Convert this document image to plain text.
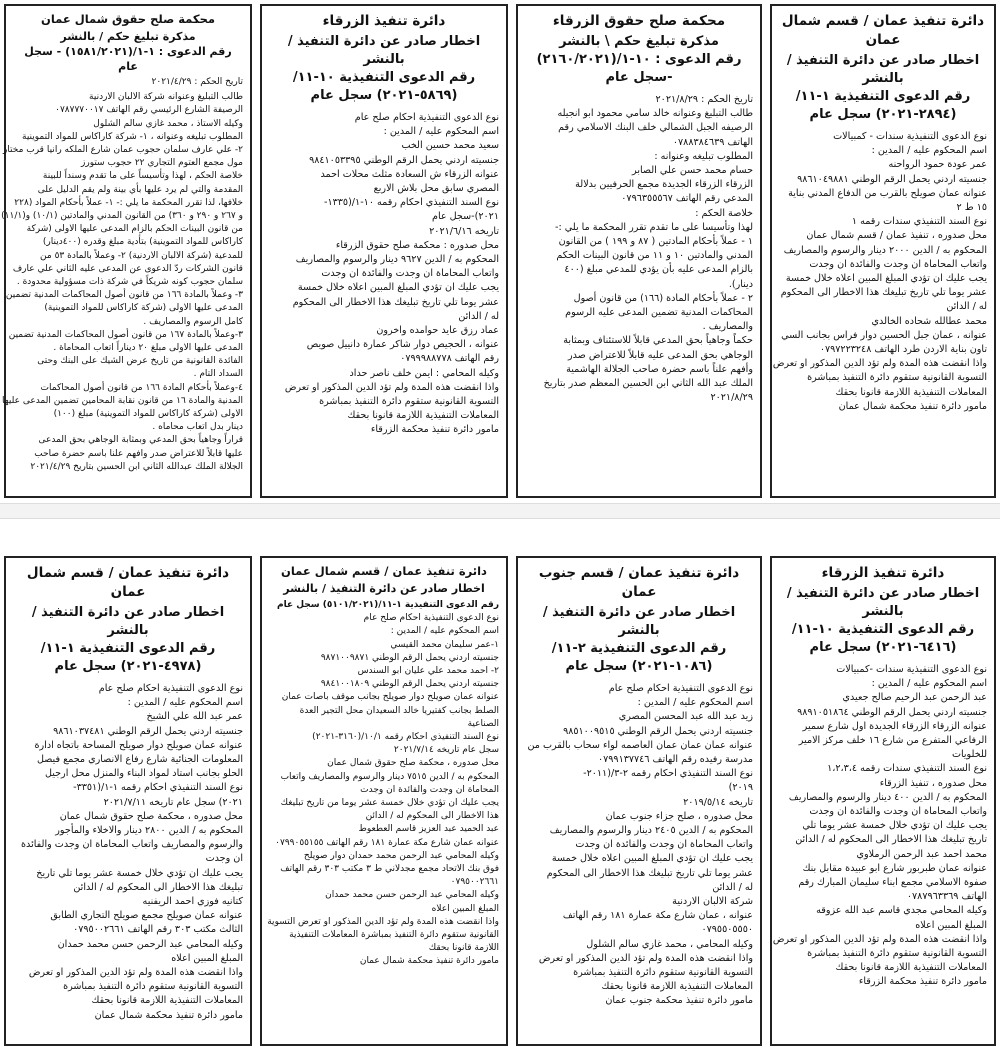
دائرة تنفيذ عمان / قسم شمال عمان
اخطار صادر عن دائرة التنفيذ / بالنشر
رقم الدعوى التنفيذية ١-١١/
(٢٨٩٤-٢٠٢١) سجل عام
نوع الدعوى التنفيذية سندات - كمبيالات
اسم المحكوم عليه / المدين :
عمر عودة حمود الرواحنه
جنسيته اردني يحمل الرقم الوطني ٩٨٦١٠٤٩٨٨١
عنوانه عمان صويلح بالقرب من الدفاع المدني بناية
١٥ ط ٢
نوع السند التنفيذي سندات رقمه ١
محل صدوره ، تنفيذ عمان / قسم شمال عمان
المحكوم به / الدين ٢٠٠٠ دينار والرسوم والمصاريف
واتعاب المحاماة ان وجدت والفائدة ان وجدت
يجب عليك ان تؤدي المبلغ المبين اعلاه خلال خمسة
عشر يوما تلي تاريخ تبليغك هذا الاخطار الى المحكوم
له / الدائن
محمد عطالله شحاده الخالدي
عنوانه ، عمان جبل الحسين دوار فراس بجانب السي
تاون بناية الاردن طرد الهاتف ٠٧٩٧٢٢٣٢٤٨
واذا انقضت هذه المدة ولم تؤد الدين المذكور او تعرض
التسوية القانونية ستقوم دائرة التنفيذ بمباشرة
المعاملات التنفيذية اللازمة قانونا بحقك
مامور دائرة تنفيذ محكمة شمال عمان
محكمة صلح حقوق الزرقاء
مذكرة تبليغ حكم \ بالنشر
رقم الدعوى : ١٠-١/(٢١٦٠/٢٠٢١)
-سجل عام
تاريخ الحكم : ٢٠٢١/٨/٢٩
طالب التبليغ وعنوانه خالد سامي محمود ابو انجيله
الرصيفه الجبل الشمالي خلف البنك الاسلامي رقم
الهاتف ٠٧٨٨٣٨٤٦٣٩
المطلوب تبليغه وعنوانه :
حسام محمد حسن علي الصابر
الزرقاء الزرقاء الجديدة مجمع الحرفيين بدلالة
المدعي رقم الهاتف ٠٧٩٦٣٥٥٥٦٧
خلاصة الحكم :
لهذا وتأسيسا على ما تقدم تقرر المحكمة ما يلي :-
١ - عملاً بأحكام المادتين ( ٨٧ و ١٩٩ ) من القانون
المدني والمادتين ١٠ و ١١ من قانون البينات الحكم
بالزام المدعى عليه بأن يؤدي للمدعي مبلغ (٤٠٠
دينار).
٢ - عملاً بأحكام المادة (١٦٦) من قانون أصول
المحاكمات المدنية تضمين المدعى عليه الرسوم
والمصاريف .
حكماً وجاهياً بحق المدعي قابلاً للاستئناف وبمثابة
الوجاهي بحق المدعى عليه قابلاً للاعتراض صدر
وأفهم علناً باسم حضرة صاحب الجلالة الهاشمية
الملك عبد الله الثاني ابن الحسين المعظم صدر بتاريخ
٢٠٢١/٨/٢٩
دائرة تنفيذ الزرقاء
اخطار صادر عن دائرة التنفيذ / بالنشر
رقم الدعوى التنفيذية ١٠-١١/
(٥٨٦٩-٢٠٢١) سجل عام
نوع الدعوى التنفيذية احكام صلح عام
اسم المحكوم عليه / المدين :
سعيد محمد حسين الخب
جنسيته اردني يحمل الرقم الوطني ٩٨٤١٠٥٣٣٩٥
عنوانه الزرقاء ش السعادة مثلث محلات احمد
المصري سابق محل بلاش الاربع
نوع السند التنفيذي احكام رقمه ١٠-١/(١٣٣٥-
٢٠٢١)-سجل عام
تاريخه ٢٠٢١/٦/١٦
محل صدوره : محكمة صلح حقوق الزرقاء
المحكوم به / الدين ٩٦٢٧ دينار والرسوم والمصاريف
واتعاب المحاماة ان وجدت والفائدة ان وجدت
يجب عليك ان تؤدي المبلغ المبين اعلاه خلال خمسة
عشر يوما تلي تاريخ تبليغك هذا الاخطار الى المحكوم
له / الدائن
عماد رزق عايد حوامده واخرون
عنوانه ، الحجيص دوار شاكر عمارة دانييل صويص
رقم الهاتف ٠٧٩٩٩٨٨٧٧٨
وكيله المحامي : ايمن خلف ناصر حداد
واذا انقضت هذه المدة ولم تؤد الدين المذكور او تعرض
التسوية القانونية ستقوم دائرة التنفيذ بمباشرة
المعاملات التنفيذية اللازمة قانونا بحقك
مامور دائرة تنفيذ محكمة الزرقاء
محكمة صلح حقوق شمال عمان
مذكرة تبليغ حكم / بالنشر
رقم الدعوى : ١-١/(١٥٨١/٢٠٢١) - سجل عام
تاريخ الحكم : ٢٠٢١/٤/٢٩
طالب التبليغ وعنوانه شركة الالبان الاردنية
الرصيفة الشارع الرئيسي رقم الهاتف ٠٧٨٧٧٧٠٠١٧
وكيله الاستاذ ، محمد غازي سالم الشلول
المطلوب تبليغه وعنوانه ، ١- شركة كاراكاس للمواد التموينية
٢- علي عارف سلمان حجوب عمان شارع الملكه رانيا قرب مختار
مول مجمع العتوم التجاري ٢٢ حجوب ستورز
خلاصة الحكم ، لهذا وتأسيساً على ما تقدم وسنداً للبينة
المقدمة والتي لم يرد عليها بأي بينة ولم يقم الدليل على
خلافها، لذا تقرر المحكمة ما يلي :- ١- عملاً بأحكام المواد (٢٢٨
و ٢٦٧ و ٢٩٠ و ٣٦٠) من القانون المدني والمادتين (١٠/١) و(١١/١)
من قانون البينات الحكم بالزام المدعى عليها الاولى (شركة
كاراكاس للمواد التموينية) بتأدية مبلغ وقدره (٤٠٠دينار)
للمدعية (شركة الالبان الاردنية) ٢- وعملاً بالمادة ٥٣ من
قانون الشركات ردّ الدعوى عن المدعى عليه الثاني علي عارف
سلمان حجوب كونه شريكاً في شركة ذات مسؤولية محدودة .
٣- وعملاً بالمادة ١٦٦ من قانون أصول المحاكمات المدنية تضمين
المدعى عليها الاولى (شركة كاراكاس للمواد التموينية)
كامل الرسوم والمصاريف .
٣-وعملاً بالمادة ١٦٧ من قانون أصول المحاكمات المدنية تضمين
المدعى عليها الاولى مبلغ ٢٠ ديناراً اتعاب المحاماة .
الفائدة القانونية من تاريخ عرض الشيك على البنك وحتى
السداد التام .
٤-وعملاً بأحكام المادة ١٦٦ من قانون أصول المحاكمات
المدنية والمادة ١٦ من قانون نقابة المحامين تضمين المدعى عليها
الاولى (شركة كاراكاس للمواد التموينية) مبلغ (١٠٠)
دينار بدل اتعاب محاماه .
قراراً وجاهياً بحق المدعي وبمثابة الوجاهي بحق المدعى
عليها قابلاً للاعتراض صدر وافهم علنا باسم حضرة صاحب
الجلالة الملك عبدالله الثاني ابن الحسين بتاريخ ٢٠٢١/٤/٢٩
دائرة تنفيذ الزرقاء
اخطار صادر عن دائرة التنفيذ / بالنشر
رقم الدعوى التنفيذية ١٠-١١/
(٦٤١٦-٢٠٢١) سجل عام
نوع الدعوى التنفيذية سندات -كمبيالات
اسم المحكوم عليه / المدين :
عبد الرحمن عبد الرحيم صالح جعيدي
جنسيته اردني يحمل الرقم الوطني ٩٨٩١٠٥١٨٦٤
عنوانه الزرقاء الزرقاء الجديدة اول شارع سمير
الرفاعي المتفرع من شارع ١٦ خلف مركز الامير
للخلويات
نوع السند التنفيذي سندات رقمه ١،٢،٣،٤
محل صدوره ، تنفيذ الزرقاء
المحكوم به / الدين ٤٠٠ دينار والرسوم والمصاريف
واتعاب المحاماة ان وجدت والفائدة ان وجدت
يجب عليك ان تؤدي خلال خمسة عشر يوما تلي
تاريخ تبليغك هذا الاخطار الى المحكوم له / الدائن
محمد احمد عبد الرحمن الرملاوي
عنوانه عمان طبربور شارع ابو عبيدة مقابل بنك
صفوة الاسلامي مجمع ابناء سليمان المبارك رقم
الهاتف ٠٧٨٧٩٦٣٣٦٩
وكيله المحامي مجدي قاسم عبد الله عزوقه
المبلغ المبين اعلاه
واذا انقضت هذه المدة ولم تؤد الدين المذكور او تعرض
التسوية القانونية ستقوم دائرة التنفيذ بمباشرة
المعاملات التنفيذية اللازمة قانونا بحقك
مامور دائرة تنفيذ محكمة الزرقاء
دائرة تنفيذ عمان / قسم جنوب عمان
اخطار صادر عن دائرة التنفيذ / بالنشر
رقم الدعوى التنفيذية ٢-١١/
(١٠٨٦-٢٠٢١) سجل عام
نوع الدعوى التنفيذية احكام صلح عام
اسم المحكوم عليه / المدين :
زيد عبد الله عبد المحسن المصري
جنسيته اردني يحمل الرقم الوطني ٩٨٥١٠٠٩٥١٥
عنوانه عمان عمان عمان العاصمه لواء سحاب بالقرب من
مدرسة رفيده رقم الهاتف ٠٧٩٩١٣٧٧٤٦
نوع السند التنفيذي احكام رقمه ٢-٣/(٢٠١١-
٢٠١٩)
تاريخه ٢٠١٩/٥/١٤
محل صدوره ، صلح جزاء جنوب عمان
المحكوم به / الدين ٢٤٠٥ دينار والرسوم والمصاريف
واتعاب المحاماة ان وجدت والفائدة ان وجدت
يجب عليك ان تؤدي المبلغ المبين اعلاه خلال خمسة
عشر يوما تلي تاريخ تبليغك هذا الاخطار الى المحكوم
له / الدائن
شركة الالبان الاردنية
عنوانه ، عمان شارع مكة عمارة ١٨١ رقم الهاتف
٠٧٩٥٥٠٥٥٥٠
وكيله المحامي ، محمد غازي سالم الشلول
واذا انقضت هذه المدة ولم تؤد الدين المذكور او تعرض
التسوية القانونية ستقوم دائرة التنفيذ بمباشرة
المعاملات التنفيذية اللازمة قانونا بحقك
مامور دائرة تنفيذ محكمة جنوب عمان
دائرة تنفيذ عمان / قسم شمال عمان
اخطار صادر عن دائرة التنفيذ / بالنشر
رقم الدعوى التنفيذية ١-١١/(٥١٠١/٢٠٢١) سجل عام
نوع الدعوى التنفيذية احكام صلح عام
اسم المحكوم عليه / المدين :
١-عمر سليمان محمد القيسي
جنسيته اردني يحمل الرقم الوطني ٩٨٧١٠٠٩٨٧١
٢- احمد محمد علي عليان ابو السندس
جنسيته اردني يحمل الرقم الوطني ٩٨٤١٠٠١٨٠٩
عنوانه عمان صويلح دوار صويلح بجانب موقف باصات عمان
الصلط بجانب كفتيريا خالد السعيدان محل التجير العدة
الصناعية
نوع السند التنفيذي احكام رقمه ١٠/١/(٣١٦٠-٢٠٢١)
سجل عام تاريخه ٢٠٢١/٧/١٤
محل صدوره ، محكمة صلح حقوق شمال عمان
المحكوم به / الدين ٧٥١٥ دينار والرسوم والمصاريف واتعاب
المحاماة ان وجدت والفائدة ان وجدت
يجب عليك ان تؤدي خلال خمسة عشر يوما من تاريخ تبليغك
هذا الاخطار الى المحكوم له / الدائن
عبد الحميد عبد العزيز قاسم العطعوط
عنوانه عمان شارع مكة عمارة ١٨١ رقم الهاتف ٠٧٩٩٠٥٥١٥٥
وكيله المحامي عبد الرحمن محمد حمدان دوار صويلح
فوق بنك الاتحاد مجمع مجدلاني ط ٣ مكتب ٣٠٣ رقم الهاتف
٠٧٩٥٠٠٢٦٦١
وكيله المحامي عبد الرحمن حسن محمد حمدان
المبلغ المبين اعلاه
واذا انقضت هذه المدة ولم تؤد الدين المذكور او تعرض التسوية
القانونية ستقوم دائرة التنفيذ بمباشرة المعاملات التنفيذية
اللازمة قانونا بحقك
مامور دائرة تنفيذ محكمة شمال عمان
دائرة تنفيذ عمان / قسم شمال عمان
اخطار صادر عن دائرة التنفيذ / بالنشر
رقم الدعوى التنفيذية ١-١١/
(٤٩٧٨-٢٠٢١) سجل عام
نوع الدعوى التنفيذية احكام صلح عام
اسم المحكوم عليه / المدين :
عمر عبد الله علي الشيخ
جنسيته اردني يحمل الرقم الوطني ٩٨٦١٠٣٧٤٨١
عنوانه عمان صويلح دوار صويلح المساحة باتجاه ادارة
المعلومات الجنائية شارع رفاع الانصاري مجمع فيصل
الحلو بجانب استاد لمواد البناء والمنزل محل ارجيل
نوع السند التنفيذي احكام رقمه ١-١/(٣٣٥١-
٢٠٢١) سجل عام تاريخه ٢٠٢١/٧/١١
محل صدوره ، محكمة صلح حقوق شمال عمان
المحكوم به / الدين ٢٨٠٠ دينار والاخلاء والمأجور
والرسوم والمصاريف واتعاب المحاماة ان وجدت والفائدة
ان وجدت
يجب عليك ان تؤدي خلال خمسة عشر يوما تلي تاريخ
تبليغك هذا الاخطار الى المحكوم له / الدائن
كتانيه فوزي احمد الريفنيه
عنوانه عمان صويلح مجمع صويلح التجاري الطابق
الثالث مكتب ٣٠٣ رقم الهاتف ٠٧٩٥٠٠٢٦٦١
وكيله المحامي عبد الرحمن حسن محمد حمدان
المبلغ المبين اعلاه
واذا انقضت هذه المدة ولم تؤد الدين المذكور او تعرض
التسوية القانونية ستقوم دائرة التنفيذ بمباشرة
المعاملات التنفيذية اللازمة قانونا بحقك
مامور دائرة تنفيذ محكمة شمال عمان
